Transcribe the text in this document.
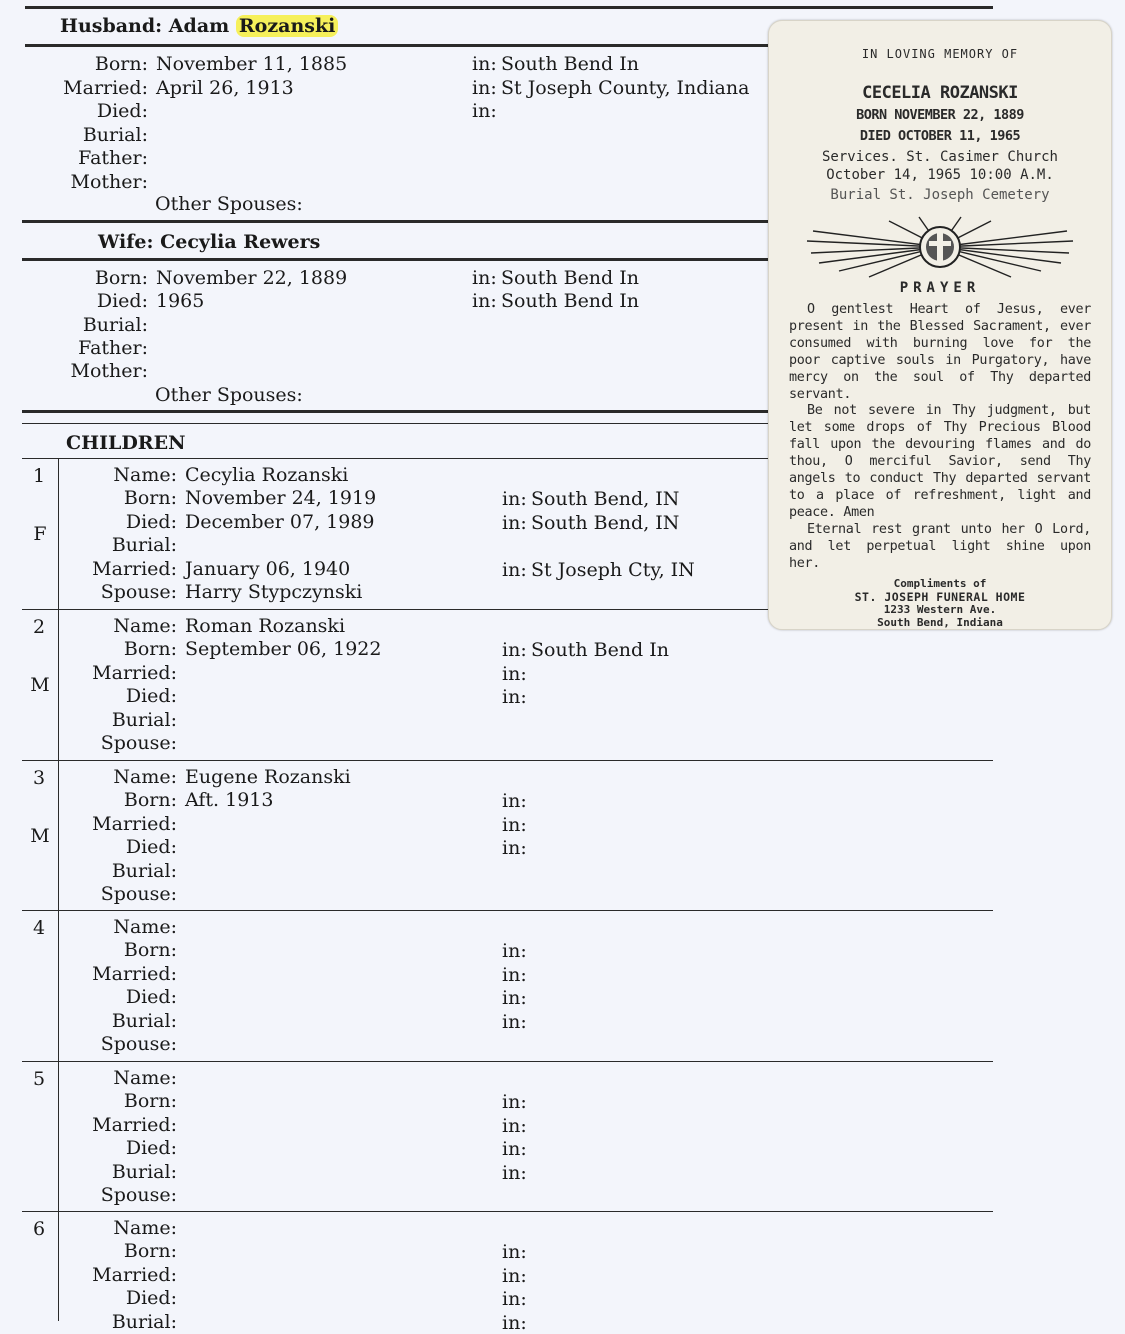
Husband: Adam Rozanski
Born: November 11, 1885	in: South Bend In
Married: April 26, 1913	in: St Joseph County, Indiana
Died:	in:
Burial:
Father:
Mother:
Other Spouses:
Wife: Cecylia Rewers
Born: November 22, 1889	in: South Bend In
Died: 1965	in: South Bend In
Burial:
Father:
Mother:
Other Spouses:
CHILDREN
1
F
Name: Cecylia Rozanski
Born: November 24, 1919	in: South Bend, IN
Died: December 07, 1989	in: South Bend, IN
Burial:
Married: January 06, 1940	in: St Joseph Cty, IN
Spouse: Harry Stypczynski
2
M
Name: Roman Rozanski
Born: September 06, 1922	in: South Bend In
Married:	in:
Died:	in:
Burial:
Spouse:
3
M
Name: Eugene Rozanski
Born: Aft. 1913	in:
Married:	in:
Died:	in:
Burial:
Spouse:
4	Name:
Born:	in:
Married:	in:
Died:	in:
Burial:	in:
Spouse:
5	Name:
Born:	in:
Married:	in:
Died:	in:
Burial:	in:
Spouse:
6	Name:
Born:	in:
Married:	in:
Died:	in:
Burial:	in:
IN LOVING MEMORY OF
CECELIA ROZANSKI
BORN NOVEMBER 22, 1889
DIED OCTOBER 11, 1965
Services. St. Casimer Church
October 14, 1965 10:00 A.M.
Burial St. Joseph Cemetery
PRAYER

O gentlest Heart of Jesus, ever present in the Blessed Sacrament, ever consumed with burning love for the poor captive souls in Purgatory, have mercy on the soul of Thy departed servant.

Be not severe in Thy judgment, but let some drops of Thy Precious Blood fall upon the devouring flames and do thou, O merciful Savior, send Thy angels to conduct Thy departed servant to a place of refreshment, light and peace. Amen

Eternal rest grant unto her O Lord, and let perpetual light shine upon her.

Compliments of
ST. JOSEPH FUNERAL HOME
1233 Western Ave.
South Bend, Indiana
